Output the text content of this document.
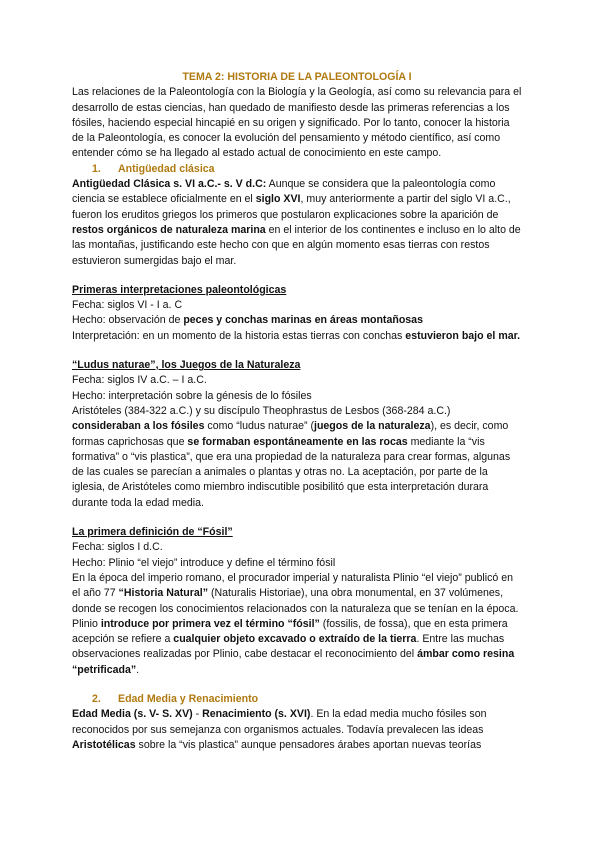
TEMA 2: HISTORIA DE LA PALEONTOLOGÍA I

Las relaciones de la Paleontología con la Biología y la Geología, así como su relevancia para el desarrollo de estas ciencias, han quedado de manifiesto desde las primeras referencias a los fósiles, haciendo especial hincapié en su origen y significado. Por lo tanto, conocer la historia de la Paleontología, es conocer la evolución del pensamiento y método científico, así como entender cómo se ha llegado al estado actual de conocimiento en este campo.

1. Antigüedad clásica

Antigüedad Clásica s. VI a.C.- s. V d.C: Aunque se considera que la paleontología como ciencia se establece oficialmente en el siglo XVI, muy anteriormente a partir del siglo VI a.C., fueron los eruditos griegos los primeros que postularon explicaciones sobre la aparición de restos orgánicos de naturaleza marina en el interior de los continentes e incluso en lo alto de las montañas, justificando este hecho con que en algún momento esas tierras con restos estuvieron sumergidas bajo el mar.

Primeras interpretaciones paleontológicas

Fecha: siglos VI - I a. C

Hecho: observación de peces y conchas marinas en áreas montañosas

Interpretación: en un momento de la historia estas tierras con conchas estuvieron bajo el mar.

“Ludus naturae”, los Juegos de la Naturaleza

Fecha: siglos IV a.C. – I a.C.

Hecho: interpretación sobre la génesis de lo fósiles

Aristóteles (384-322 a.C.) y su discípulo Theophrastus de Lesbos (368-284 a.C.) consideraban a los fósiles como “ludus naturae” (juegos de la naturaleza), es decir, como formas caprichosas que se formaban espontáneamente en las rocas mediante la “vis formativa” o “vis plastica”, que era una propiedad de la naturaleza para crear formas, algunas de las cuales se parecían a animales o plantas y otras no. La aceptación, por parte de la iglesia, de Aristóteles como miembro indiscutible posibilitó que esta interpretación durara durante toda la edad media.

La primera definición de “Fósil”

Fecha: siglos I d.C.

Hecho: Plinio “el viejo” introduce y define el término fósil

En la época del imperio romano, el procurador imperial y naturalista Plinio “el viejo” publicó en el año 77 “Historia Natural” (Naturalis Historiae), una obra monumental, en 37 volúmenes, donde se recogen los conocimientos relacionados con la naturaleza que se tenían en la época.

Plinio introduce por primera vez el término “fósil” (fossilis, de fossa), que en esta primera acepción se refiere a cualquier objeto excavado o extraído de la tierra. Entre las muchas observaciones realizadas por Plinio, cabe destacar el reconocimiento del ámbar como resina “petrificada”.

2. Edad Media y Renacimiento

Edad Media (s. V- S. XV) - Renacimiento (s. XVI). En la edad media mucho fósiles son reconocidos por sus semejanza con organismos actuales. Todavía prevalecen las ideas Aristotélicas sobre la “vis plastica” aunque pensadores árabes aportan nuevas teorías
